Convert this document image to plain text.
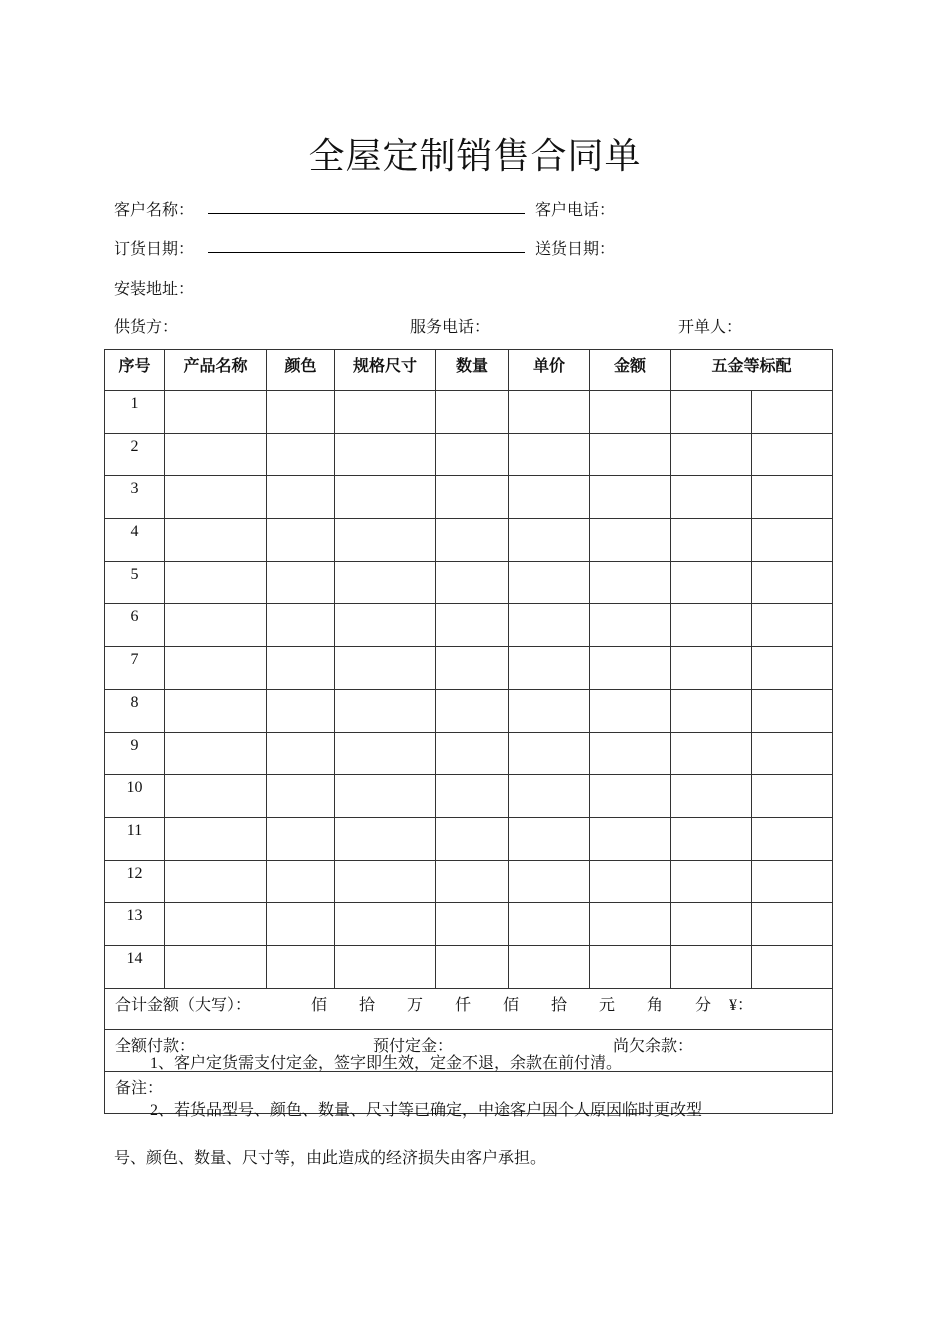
全屋定制销售合同单
客户名称：	客户电话：
订货日期：	送货日期：
安装地址：
供货方：	服务电话：	开单人：
序号	产品名称	颜色	规格尺寸	数量	单价	金额	五金等标配	
1								
2								
3								
4								
5								
6								
7								
8								
9								
10								
11								
12								
13								
14								
合计金额（大写）： 佰 拾 万 仟 佰 拾 元 角 分 ¥：								
全额付款： 预付定金： 尚欠余款：								
备注：								
1、客户定货需支付定金，签字即生效，定金不退，余款在前付清。
2、若货品型号、颜色、数量、尺寸等已确定，中途客户因个人原因临时更改型
号、颜色、数量、尺寸等，由此造成的经济损失由客户承担。
